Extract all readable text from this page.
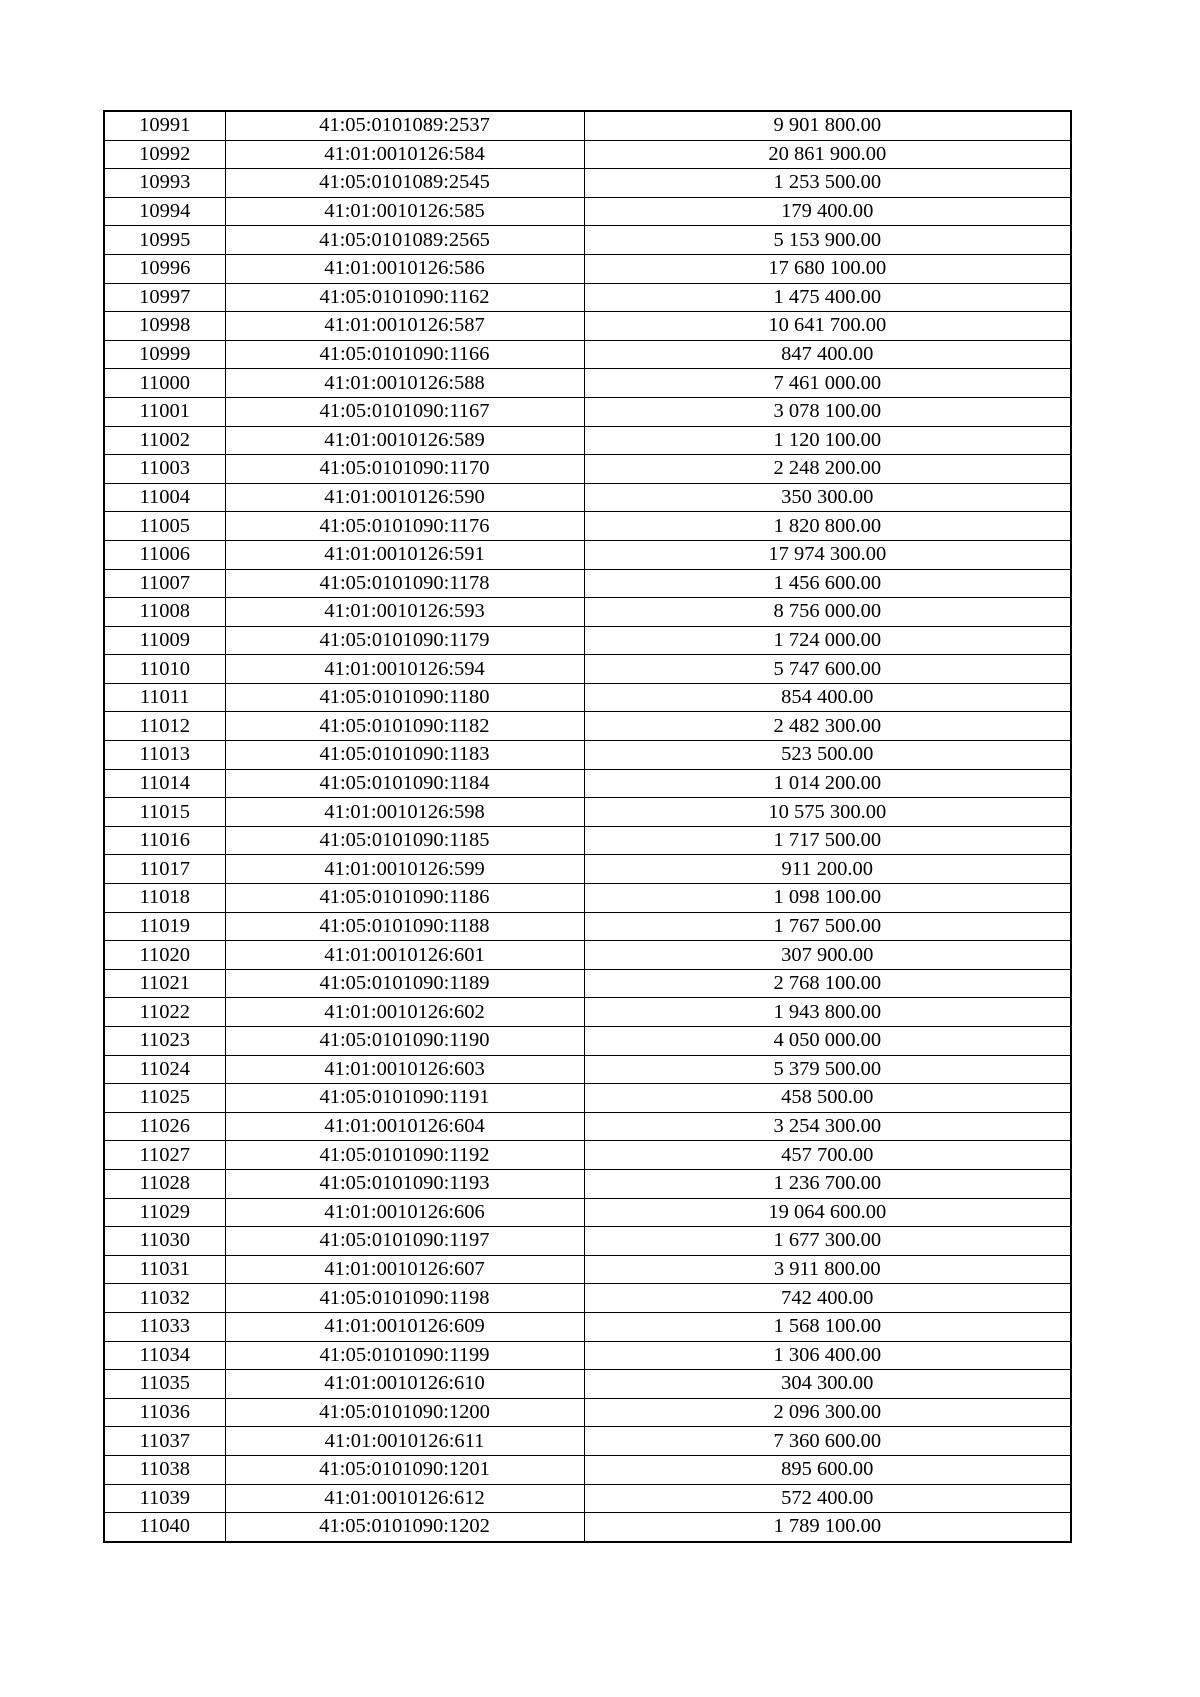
10991	41:05:0101089:2537	9 901 800.00
10992	41:01:0010126:584	20 861 900.00
10993	41:05:0101089:2545	1 253 500.00
10994	41:01:0010126:585	179 400.00
10995	41:05:0101089:2565	5 153 900.00
10996	41:01:0010126:586	17 680 100.00
10997	41:05:0101090:1162	1 475 400.00
10998	41:01:0010126:587	10 641 700.00
10999	41:05:0101090:1166	847 400.00
11000	41:01:0010126:588	7 461 000.00
11001	41:05:0101090:1167	3 078 100.00
11002	41:01:0010126:589	1 120 100.00
11003	41:05:0101090:1170	2 248 200.00
11004	41:01:0010126:590	350 300.00
11005	41:05:0101090:1176	1 820 800.00
11006	41:01:0010126:591	17 974 300.00
11007	41:05:0101090:1178	1 456 600.00
11008	41:01:0010126:593	8 756 000.00
11009	41:05:0101090:1179	1 724 000.00
11010	41:01:0010126:594	5 747 600.00
11011	41:05:0101090:1180	854 400.00
11012	41:05:0101090:1182	2 482 300.00
11013	41:05:0101090:1183	523 500.00
11014	41:05:0101090:1184	1 014 200.00
11015	41:01:0010126:598	10 575 300.00
11016	41:05:0101090:1185	1 717 500.00
11017	41:01:0010126:599	911 200.00
11018	41:05:0101090:1186	1 098 100.00
11019	41:05:0101090:1188	1 767 500.00
11020	41:01:0010126:601	307 900.00
11021	41:05:0101090:1189	2 768 100.00
11022	41:01:0010126:602	1 943 800.00
11023	41:05:0101090:1190	4 050 000.00
11024	41:01:0010126:603	5 379 500.00
11025	41:05:0101090:1191	458 500.00
11026	41:01:0010126:604	3 254 300.00
11027	41:05:0101090:1192	457 700.00
11028	41:05:0101090:1193	1 236 700.00
11029	41:01:0010126:606	19 064 600.00
11030	41:05:0101090:1197	1 677 300.00
11031	41:01:0010126:607	3 911 800.00
11032	41:05:0101090:1198	742 400.00
11033	41:01:0010126:609	1 568 100.00
11034	41:05:0101090:1199	1 306 400.00
11035	41:01:0010126:610	304 300.00
11036	41:05:0101090:1200	2 096 300.00
11037	41:01:0010126:611	7 360 600.00
11038	41:05:0101090:1201	895 600.00
11039	41:01:0010126:612	572 400.00
11040	41:05:0101090:1202	1 789 100.00
